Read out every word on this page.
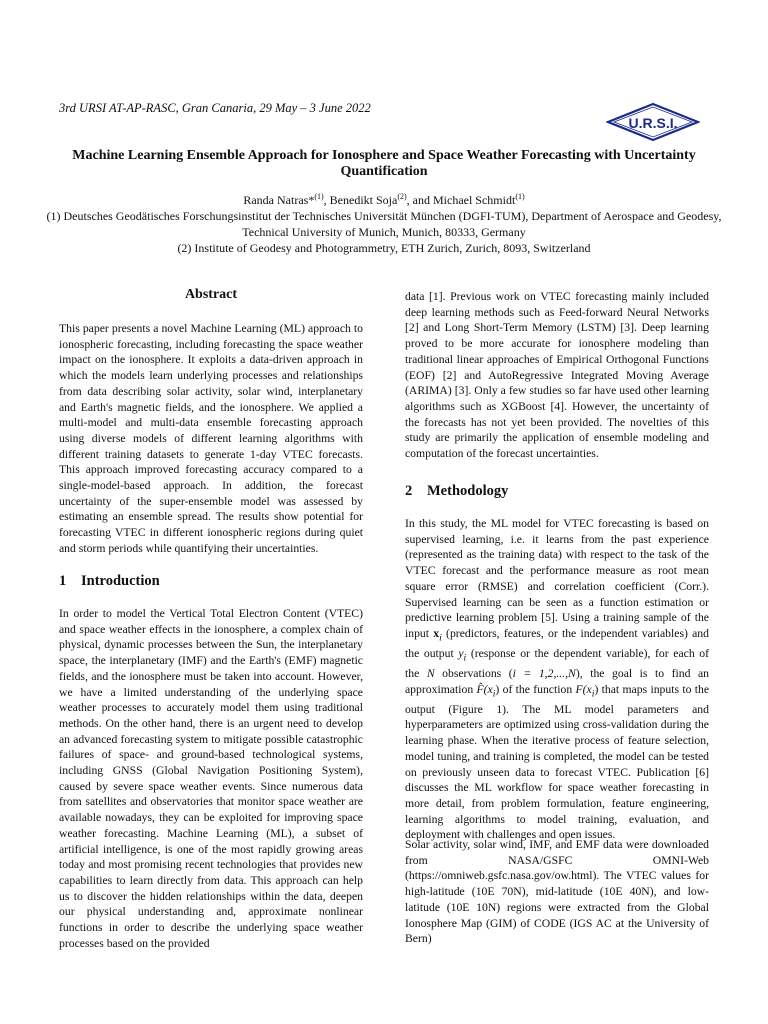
3rd URSI AT-AP-RASC, Gran Canaria, 29 May – 3 June 2022
U.R.S.I.
Machine Learning Ensemble Approach for Ionosphere and Space Weather Forecasting with Uncertainty Quantification
Randa Natras*$^{(1)}$, Benedikt Soja$^{(2)}$, and Michael Schmidt$^{(1)}$
(1) Deutsches Geodätisches Forschungsinstitut der Technisches Universität München (DGFI-TUM), Department of Aerospace and Geodesy, Technical University of Munich, Munich, 80333, Germany
(2) Institute of Geodesy and Photogrammetry, ETH Zurich, Zurich, 8093, Switzerland
Abstract

This paper presents a novel Machine Learning (ML) approach to ionospheric forecasting, including forecasting the space weather impact on the ionosphere. It exploits a data-driven approach in which the models learn underlying processes and relationships from data describing solar activity, solar wind, interplanetary and Earth's magnetic fields, and the ionosphere. We applied a multi-model and multi-data ensemble forecasting approach using diverse models of different learning algorithms with different training datasets to generate 1-day VTEC forecasts. This approach improved forecasting accuracy compared to a single-model-based approach. In addition, the forecast uncertainty of the super-ensemble model was assessed by estimating an ensemble spread. The results show potential for forecasting VTEC in different ionospheric regions during quiet and storm periods while quantifying their uncertainties.

1 Introduction

In order to model the Vertical Total Electron Content (VTEC) and space weather effects in the ionosphere, a complex chain of physical, dynamic processes between the Sun, the interplanetary space, the interplanetary (IMF) and the Earth's (EMF) magnetic fields, and the ionosphere must be taken into account. However, we have a limited understanding of the underlying space weather processes to accurately model them using traditional methods. On the other hand, there is an urgent need to develop an advanced forecasting system to mitigate possible catastrophic failures of space- and ground-based technological systems, including GNSS (Global Navigation Positioning System), caused by severe space weather events. Since numerous data from satellites and observatories that monitor space weather are available nowadays, they can be exploited for improving space weather forecasting. Machine Learning (ML), a subset of artificial intelligence, is one of the most rapidly growing areas today and most promising recent technologies that provides new capabilities to learn directly from data. This approach can help us to discover the hidden relationships within the data, deepen our physical understanding and, approximate nonlinear functions in order to describe the underlying space weather processes based on the provided

data [1]. Previous work on VTEC forecasting mainly included deep learning methods such as Feed-forward Neural Networks [2] and Long Short-Term Memory (LSTM) [3]. Deep learning proved to be more accurate for ionosphere modeling than traditional linear approaches of Empirical Orthogonal Functions (EOF) [2] and AutoRegressive Integrated Moving Average (ARIMA) [3]. Only a few studies so far have used other learning algorithms such as XGBoost [4]. However, the uncertainty of the forecasts has not yet been provided. The novelties of this study are primarily the application of ensemble modeling and computation of the forecast uncertainties.

2 Methodology

In this study, the ML model for VTEC forecasting is based on supervised learning, i.e. it learns from the past experience (represented as the training data) with respect to the task of the VTEC forecast and the performance measure as root mean square error (RMSE) and correlation coefficient (Corr.). Supervised learning can be seen as a function estimation or predictive learning problem [5]. Using a training sample of the input $x_i$ (predictors, features, or the independent variables) and the output $y_i$ (response or the dependent variable), for each of the N observations (i = 1,2,...,N), the goal is to find an approximation $F̂(x_i)$ of the function $F(x_i)$ that maps inputs to the output (Figure 1). The ML model parameters and hyperparameters are optimized using cross-validation during the learning phase. When the iterative process of feature selection, model tuning, and training is completed, the model can be tested on previously unseen data to forecast VTEC. Publication [6] discusses the ML workflow for space weather forecasting in more detail, from problem formulation, feature engineering, learning algorithms to model training, evaluation, and deployment with challenges and open issues.

Solar activity, solar wind, IMF, and EMF data were downloaded from NASA/GSFC OMNI-Web (https://omniweb.gsfc.nasa.gov/ow.html). The VTEC values for high-latitude (10E 70N), mid-latitude (10E 40N), and low-latitude (10E 10N) regions were extracted from the Global Ionosphere Map (GIM) of CODE (IGS AC at the University of Bern)
